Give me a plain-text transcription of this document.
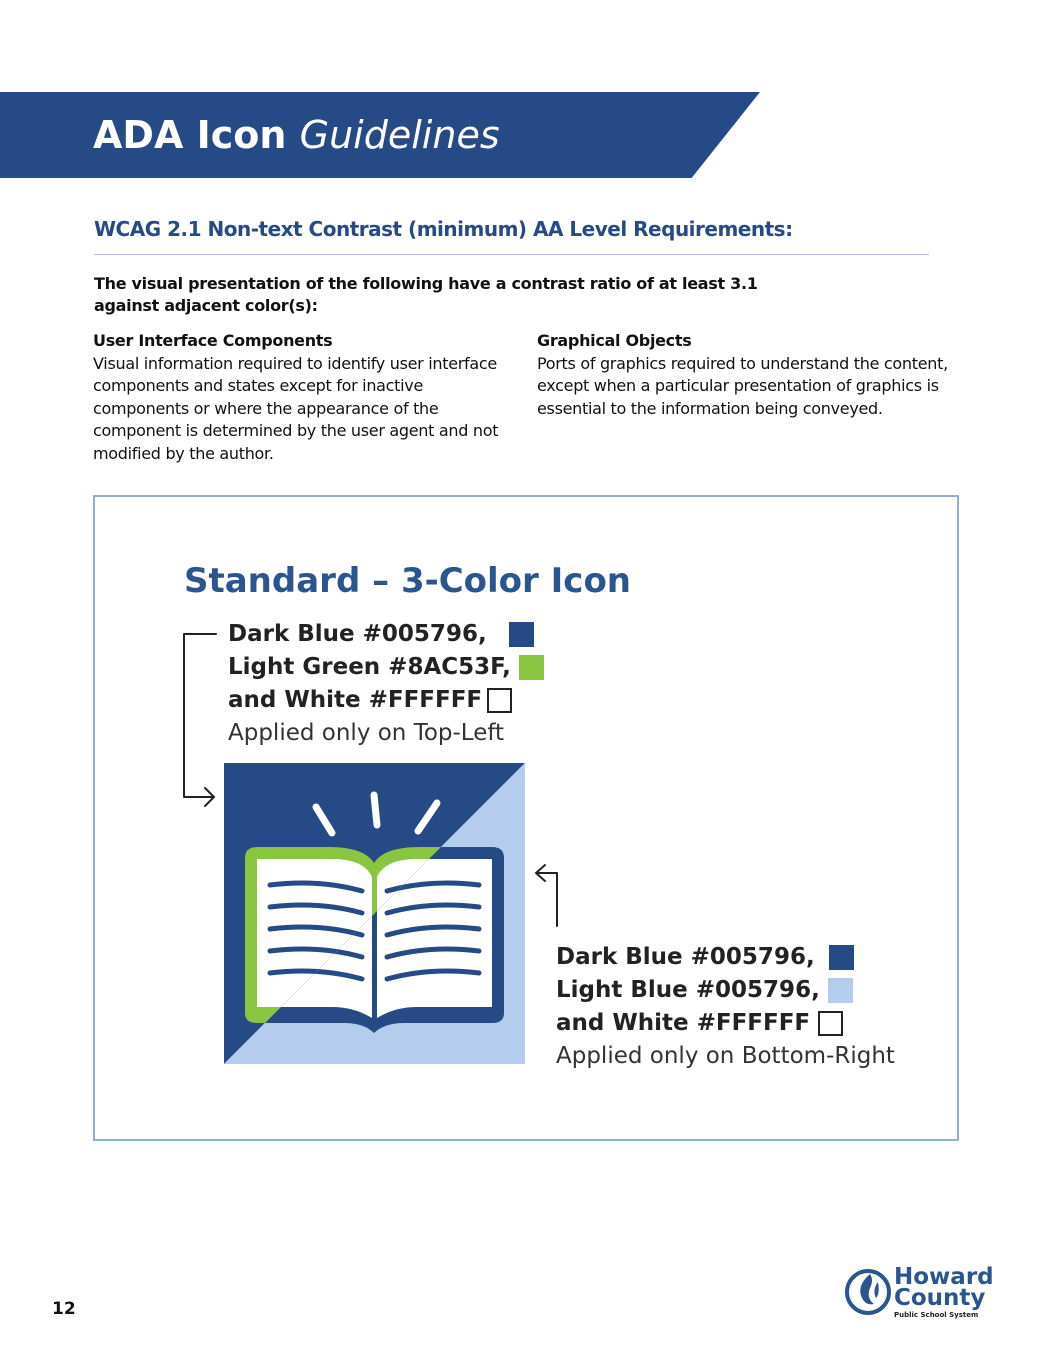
ADA Icon Guidelines
WCAG 2.1 Non-text Contrast (minimum) AA Level Requirements:

The visual presentation of the following have a contrast ratio of at least 3.1 against adjacent color(s):

User Interface Components
Visual information required to identify user interface components and states except for inactive components or where the appearance of the component is determined by the user agent and not modified by the author.
Graphical Objects
Ports of graphics required to understand the content, except when a particular presentation of graphics is essential to the information being conveyed.
Standard – 3-Color Icon
Dark Blue #005796,
Light Green #8AC53F,
and White #FFFFFF
Applied only on Top-Left
Dark Blue #005796,
Light Blue #005796,
and White #FFFFFF
Applied only on Bottom-Right

12

Howard

County

Public School System
